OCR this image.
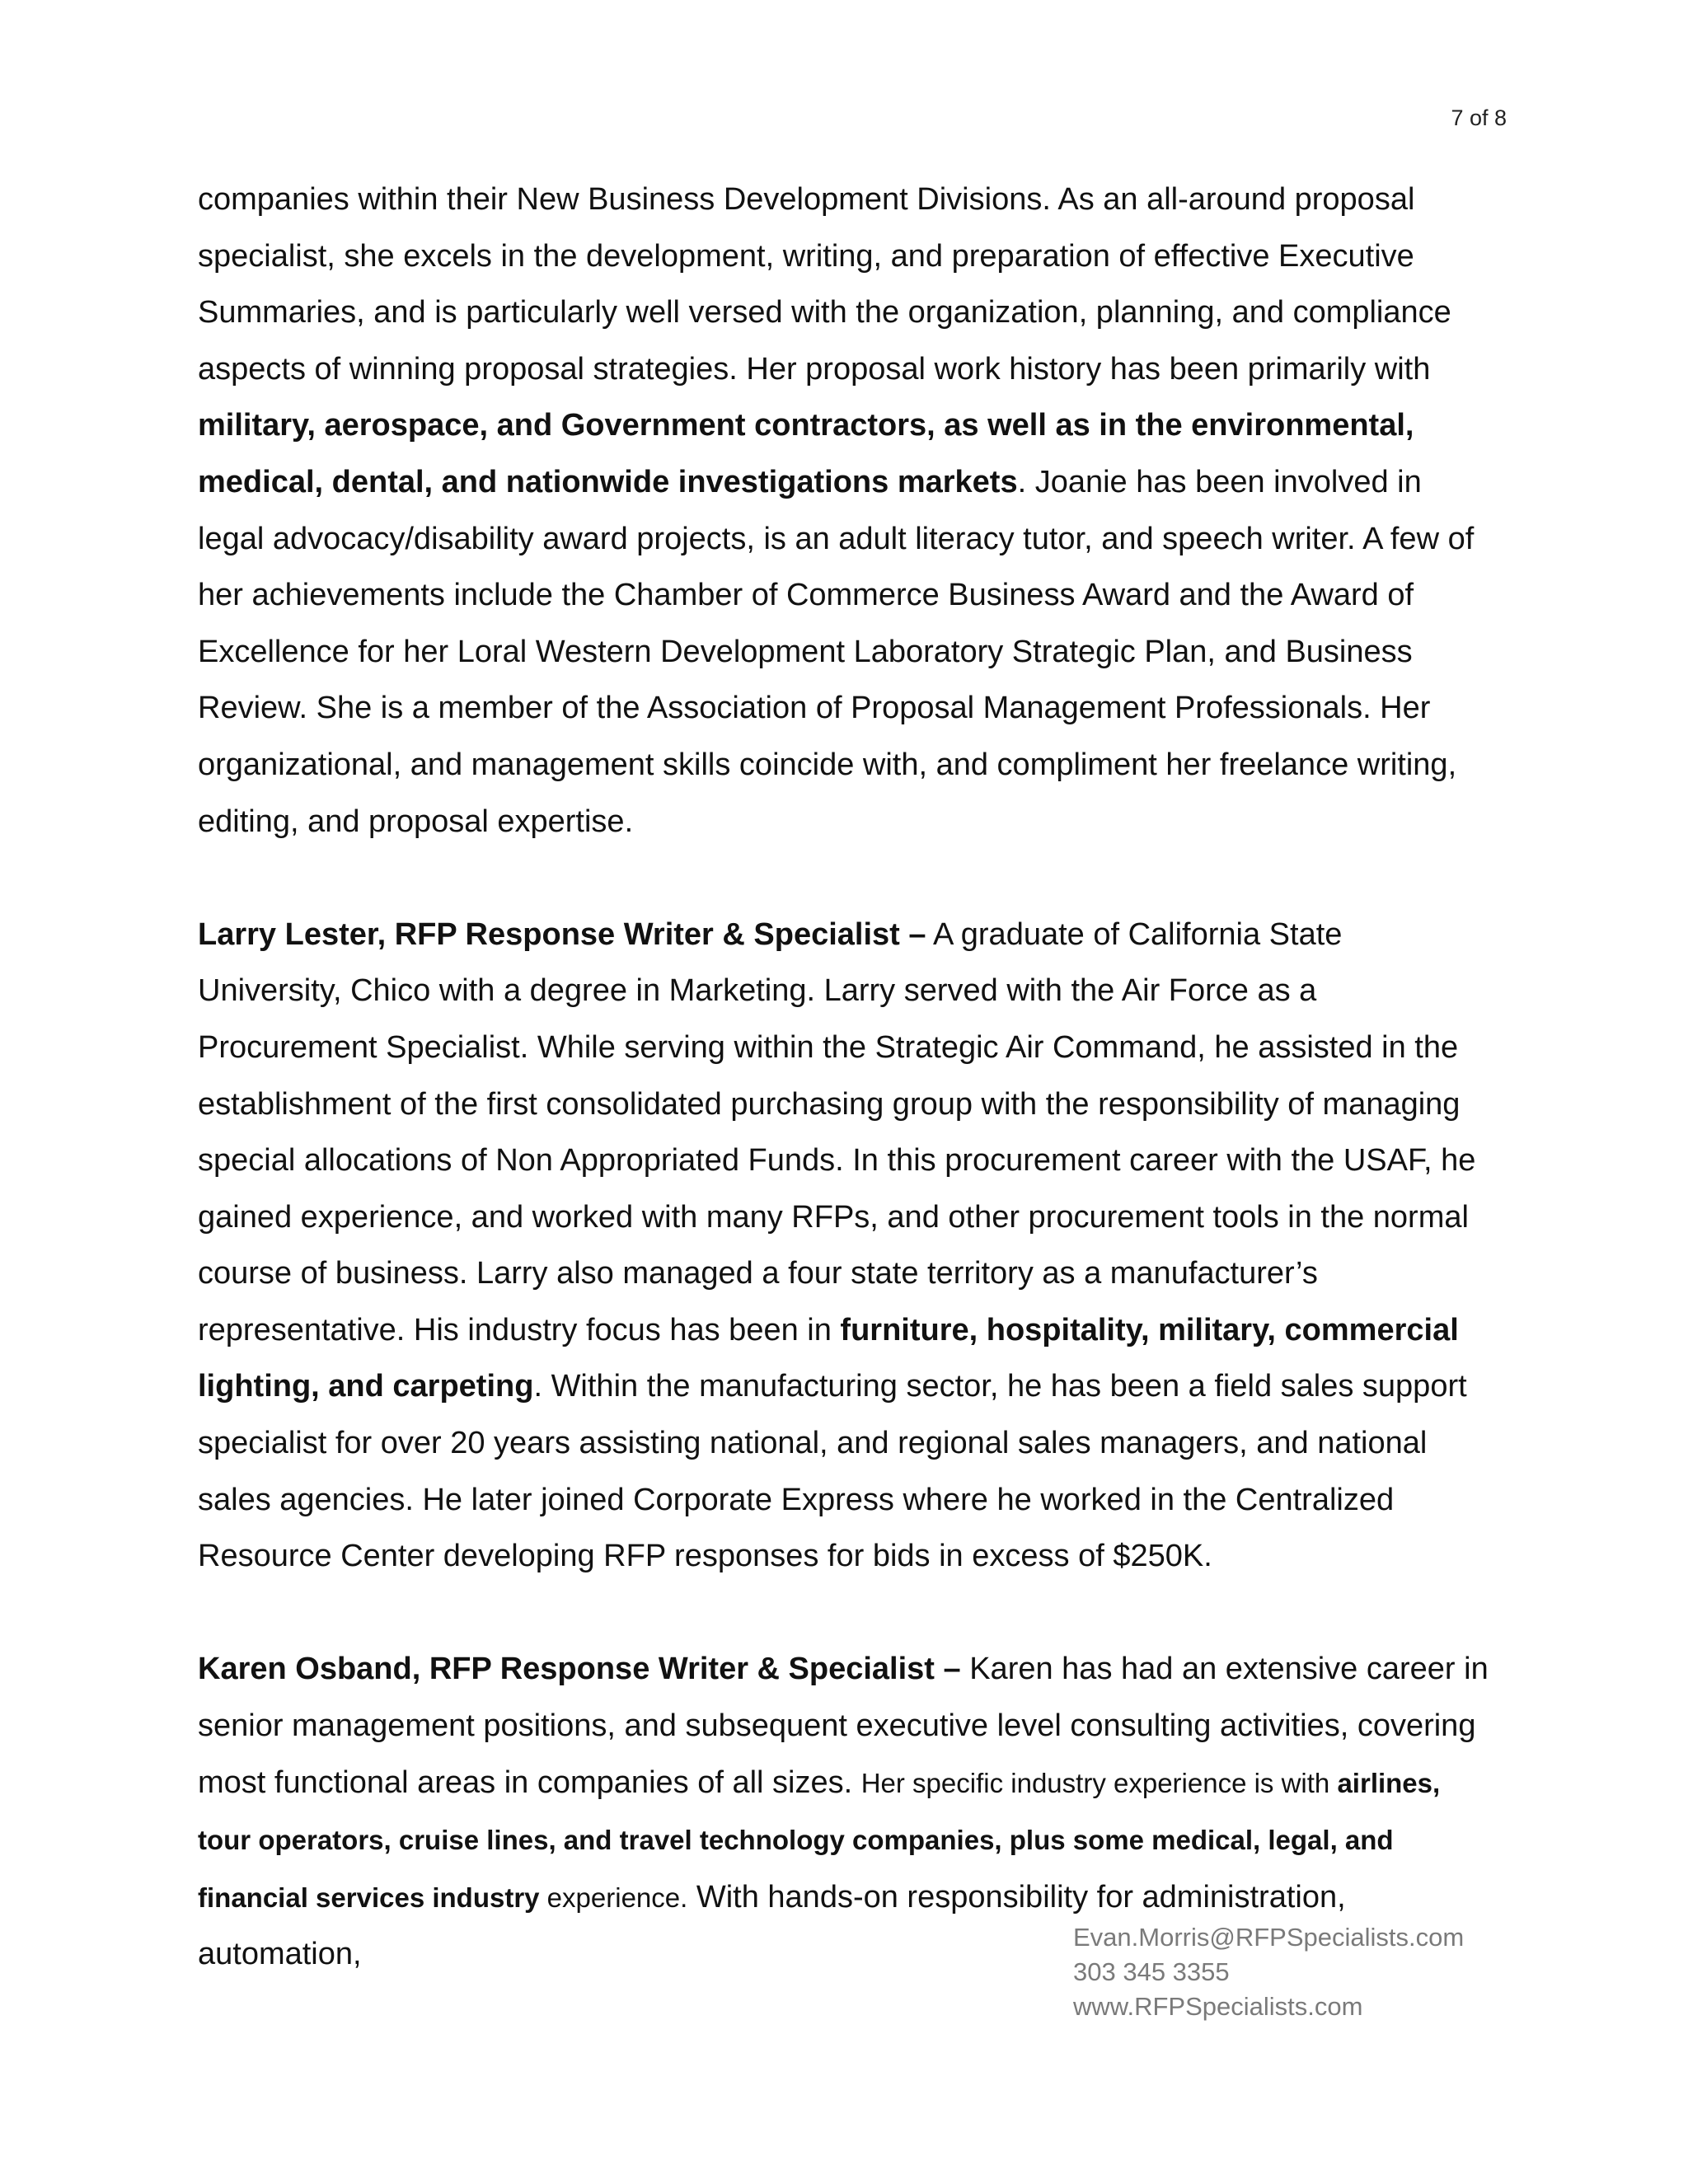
7 of 8

companies within their New Business Development Divisions. As an all-around proposal specialist, she excels in the development, writing, and preparation of effective Executive Summaries, and is particularly well versed with the organization, planning, and compliance aspects of winning proposal strategies. Her proposal work history has been primarily with military, aerospace, and Government contractors, as well as in the environmental, medical, dental, and nationwide investigations markets. Joanie has been involved in legal advocacy/disability award projects, is an adult literacy tutor, and speech writer. A few of her achievements include the Chamber of Commerce Business Award and the Award of Excellence for her Loral Western Development Laboratory Strategic Plan, and Business Review. She is a member of the Association of Proposal Management Professionals. Her organizational, and management skills coincide with, and compliment her freelance writing, editing, and proposal expertise.

Larry Lester, RFP Response Writer & Specialist – A graduate of California State University, Chico with a degree in Marketing. Larry served with the Air Force as a Procurement Specialist. While serving within the Strategic Air Command, he assisted in the establishment of the first consolidated purchasing group with the responsibility of managing special allocations of Non Appropriated Funds. In this procurement career with the USAF, he gained experience, and worked with many RFPs, and other procurement tools in the normal course of business. Larry also managed a four state territory as a manufacturer’s representative. His industry focus has been in furniture, hospitality, military, commercial lighting, and carpeting. Within the manufacturing sector, he has been a field sales support specialist for over 20 years assisting national, and regional sales managers, and national sales agencies. He later joined Corporate Express where he worked in the Centralized Resource Center developing RFP responses for bids in excess of $250K.

Karen Osband, RFP Response Writer & Specialist – Karen has had an extensive career in senior management positions, and subsequent executive level consulting activities, covering most functional areas in companies of all sizes. Her specific industry experience is with airlines, tour operators, cruise lines, and travel technology companies, plus some medical, legal, and financial services industry experience. With hands-on responsibility for administration, automation,	Evan.Morris@RFPSpecialists.com
303 345 3355
www.RFPSpecialists.com
